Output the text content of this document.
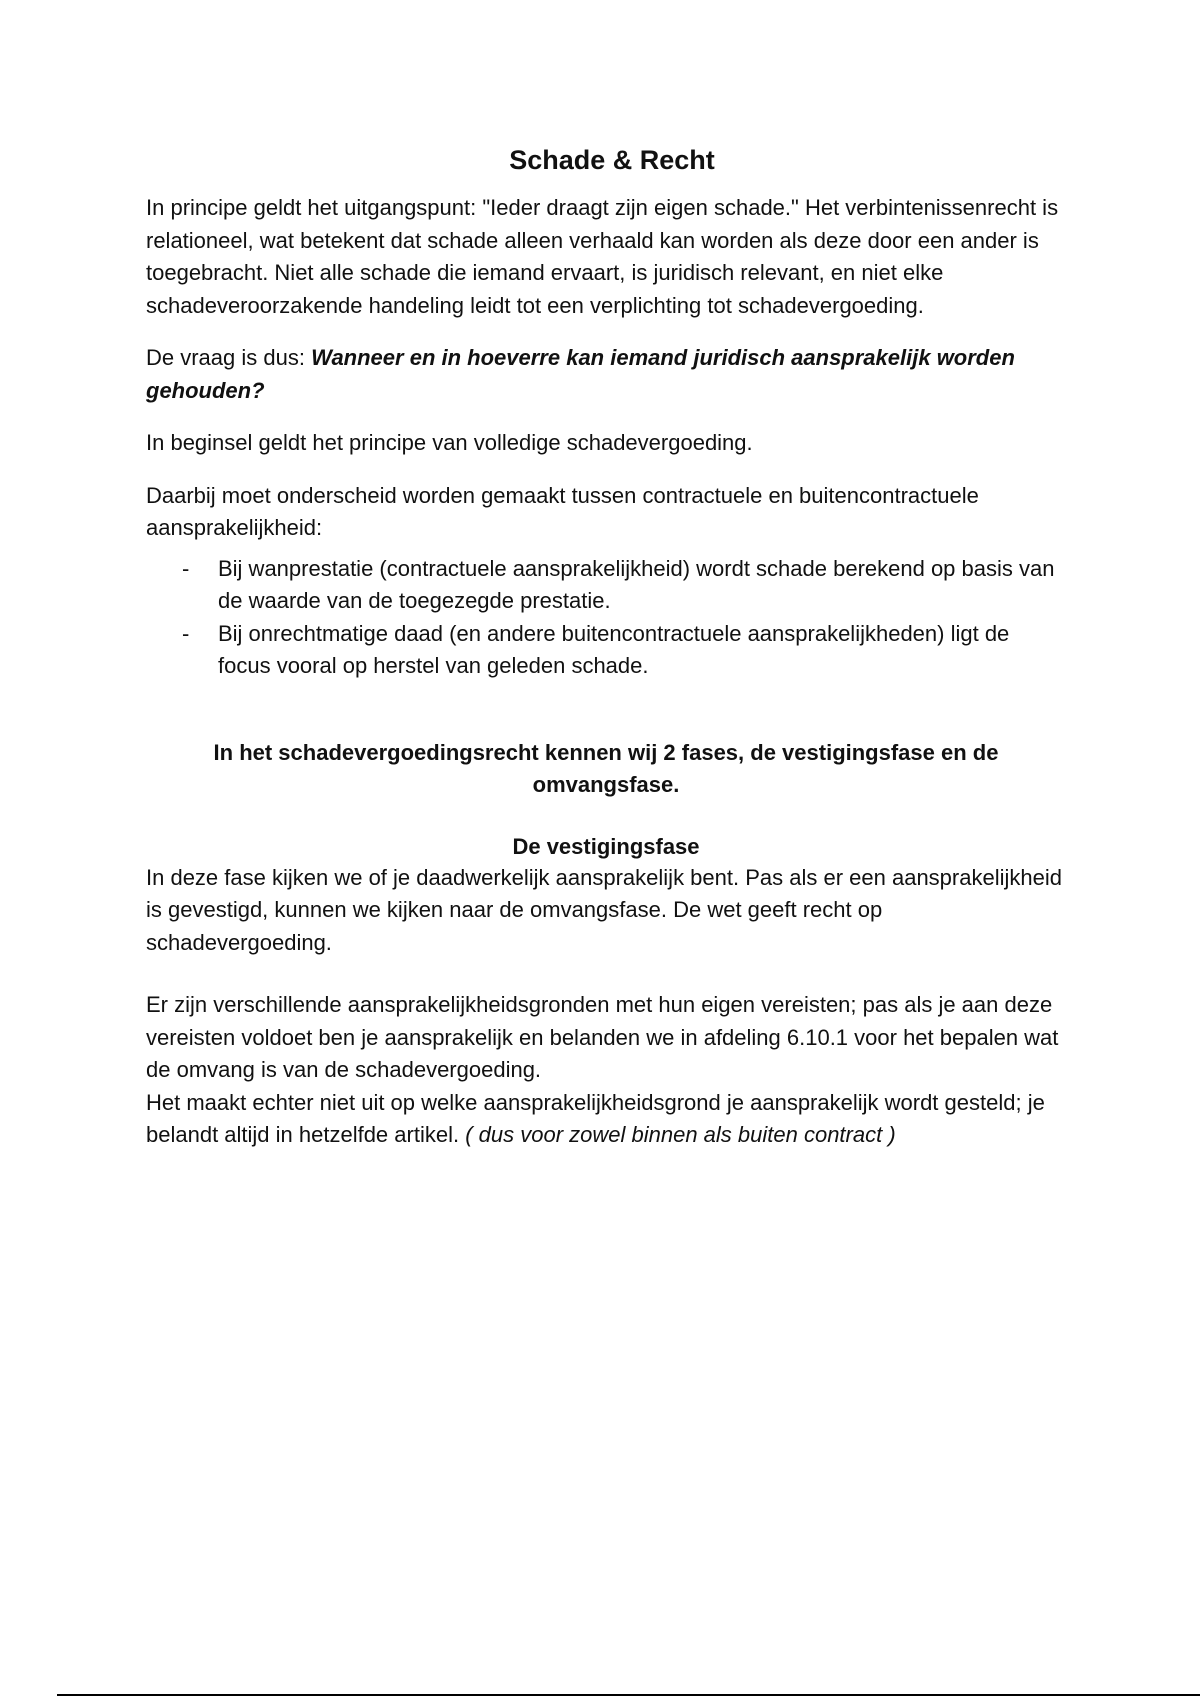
Schade & Recht

In principe geldt het uitgangspunt: "Ieder draagt zijn eigen schade." Het verbintenissenrecht is relationeel, wat betekent dat schade alleen verhaald kan worden als deze door een ander is toegebracht. Niet alle schade die iemand ervaart, is juridisch relevant, en niet elke schadeveroorzakende handeling leidt tot een verplichting tot schadevergoeding.

De vraag is dus: Wanneer en in hoeverre kan iemand juridisch aansprakelijk worden gehouden?

In beginsel geldt het principe van volledige schadevergoeding.

Daarbij moet onderscheid worden gemaakt tussen contractuele en buitencontractuele aansprakelijkheid:

- Bij wanprestatie (contractuele aansprakelijkheid) wordt schade berekend op basis van de waarde van de toegezegde prestatie.
- Bij onrechtmatige daad (en andere buitencontractuele aansprakelijkheden) ligt de focus vooral op herstel van geleden schade.
In het schadevergoedingsrecht kennen wij 2 fases, de vestigingsfase en de omvangsfase.
De vestigingsfase

In deze fase kijken we of je daadwerkelijk aansprakelijk bent. Pas als er een aansprakelijkheid is gevestigd, kunnen we kijken naar de omvangsfase. De wet geeft recht op schadevergoeding.

Er zijn verschillende aansprakelijkheidsgronden met hun eigen vereisten; pas als je aan deze vereisten voldoet ben je aansprakelijk en belanden we in afdeling 6.10.1 voor het bepalen wat de omvang is van de schadevergoeding.

Het maakt echter niet uit op welke aansprakelijkheidsgrond je aansprakelijk wordt gesteld; je belandt altijd in hetzelfde artikel. ( dus voor zowel binnen als buiten contract )
